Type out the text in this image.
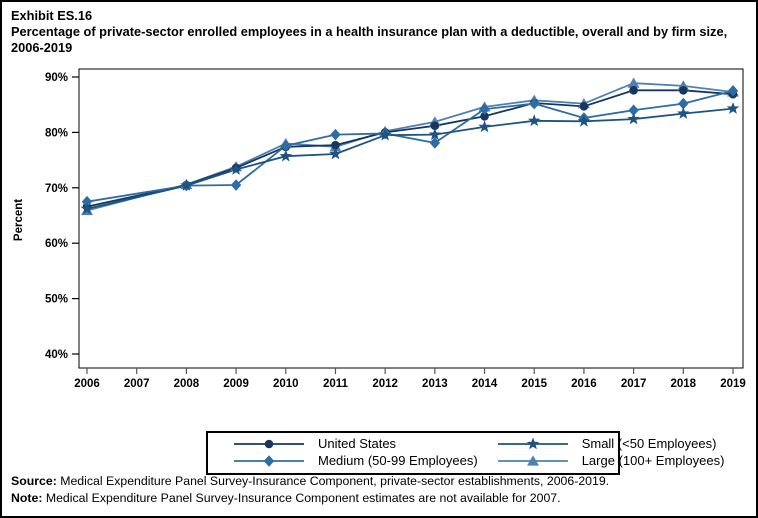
Exhibit ES.16
Percentage of private-sector enrolled employees in a health insurance plan with a deductible, overall and by firm size, 2006-2019
40%
50%
60%
70%
80%
90%
2006 2007 2008 2009 2010 2011 2012 2013 2014 2015 2016 2017 2018 2019
Percent
United States	Small (<50 Employees)
Medium (50-99 Employees)	Large (100+ Employees)
Source: Medical Expenditure Panel Survey-Insurance Component, private-sector establishments, 2006-2019.
Note: Medical Expenditure Panel Survey-Insurance Component estimates are not available for 2007.
